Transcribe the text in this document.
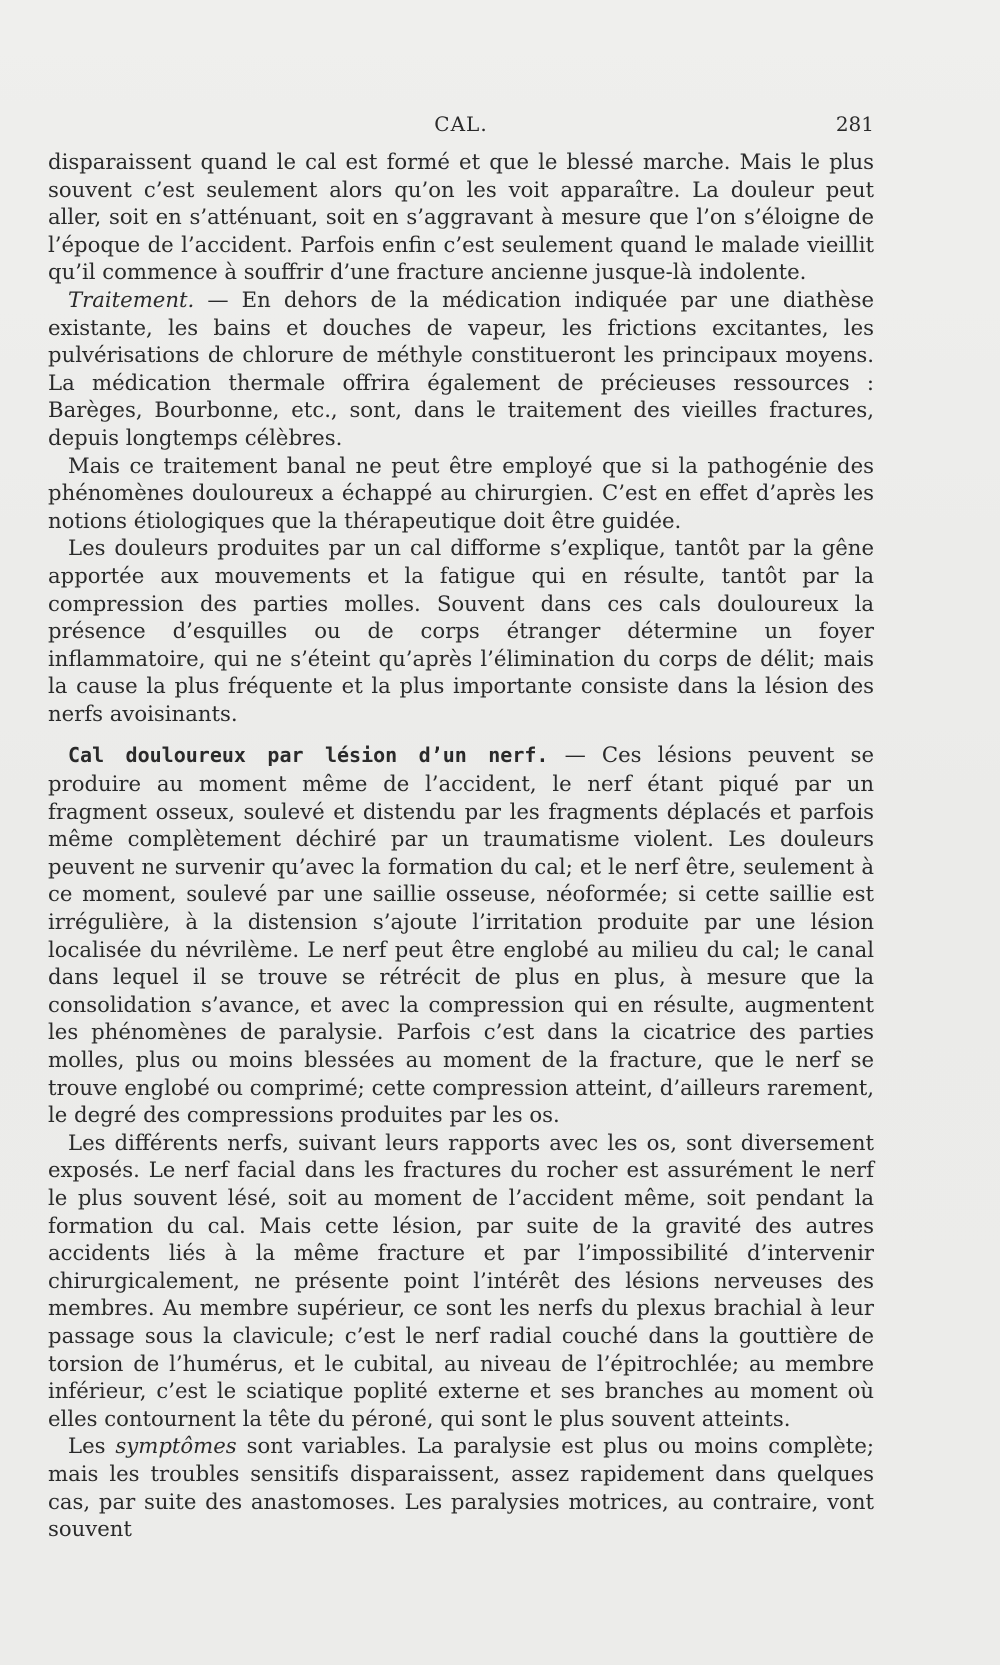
CAL.	281

disparaissent quand le cal est formé et que le blessé marche. Mais le plus souvent c’est seulement alors qu’on les voit apparaître. La douleur peut aller, soit en s’atténuant, soit en s’aggravant à mesure que l’on s’éloigne de l’époque de l’accident. Parfois enfin c’est seulement quand le malade vieillit qu’il commence à souffrir d’une fracture ancienne jusque-là indolente.

Traitement. — En dehors de la médication indiquée par une diathèse existante, les bains et douches de vapeur, les frictions excitantes, les pulvérisations de chlorure de méthyle constitueront les principaux moyens. La médication thermale offrira également de précieuses ressources : Barèges, Bourbonne, etc., sont, dans le traitement des vieilles fractures, depuis longtemps célèbres.

Mais ce traitement banal ne peut être employé que si la pathogénie des phénomènes douloureux a échappé au chirurgien. C’est en effet d’après les notions étiologiques que la thérapeutique doit être guidée.

Les douleurs produites par un cal difforme s’explique, tantôt par la gêne apportée aux mouvements et la fatigue qui en résulte, tantôt par la compression des parties molles. Souvent dans ces cals douloureux la présence d’esquilles ou de corps étranger détermine un foyer inflammatoire, qui ne s’éteint qu’après l’élimination du corps de délit; mais la cause la plus fréquente et la plus importante consiste dans la lésion des nerfs avoisinants.

Cal douloureux par lésion d’un nerf. — Ces lésions peuvent se produire au moment même de l’accident, le nerf étant piqué par un fragment osseux, soulevé et distendu par les fragments déplacés et parfois même complètement déchiré par un traumatisme violent. Les douleurs peuvent ne survenir qu’avec la formation du cal; et le nerf être, seulement à ce moment, soulevé par une saillie osseuse, néoformée; si cette saillie est irrégulière, à la distension s’ajoute l’irritation produite par une lésion localisée du névrilème. Le nerf peut être englobé au milieu du cal; le canal dans lequel il se trouve se rétrécit de plus en plus, à mesure que la consolidation s’avance, et avec la compression qui en résulte, augmentent les phénomènes de paralysie. Parfois c’est dans la cicatrice des parties molles, plus ou moins blessées au moment de la fracture, que le nerf se trouve englobé ou comprimé; cette compression atteint, d’ailleurs rarement, le degré des compressions produites par les os.

Les différents nerfs, suivant leurs rapports avec les os, sont diversement exposés. Le nerf facial dans les fractures du rocher est assurément le nerf le plus souvent lésé, soit au moment de l’accident même, soit pendant la formation du cal. Mais cette lésion, par suite de la gravité des autres accidents liés à la même fracture et par l’impossibilité d’intervenir chirurgicalement, ne présente point l’intérêt des lésions nerveuses des membres. Au membre supérieur, ce sont les nerfs du plexus brachial à leur passage sous la clavicule; c’est le nerf radial couché dans la gouttière de torsion de l’humérus, et le cubital, au niveau de l’épitrochlée; au membre inférieur, c’est le sciatique poplité externe et ses branches au moment où elles contournent la tête du péroné, qui sont le plus souvent atteints.

Les symptômes sont variables. La paralysie est plus ou moins complète; mais les troubles sensitifs disparaissent, assez rapidement dans quelques cas, par suite des anastomoses. Les paralysies motrices, au contraire, vont souvent
